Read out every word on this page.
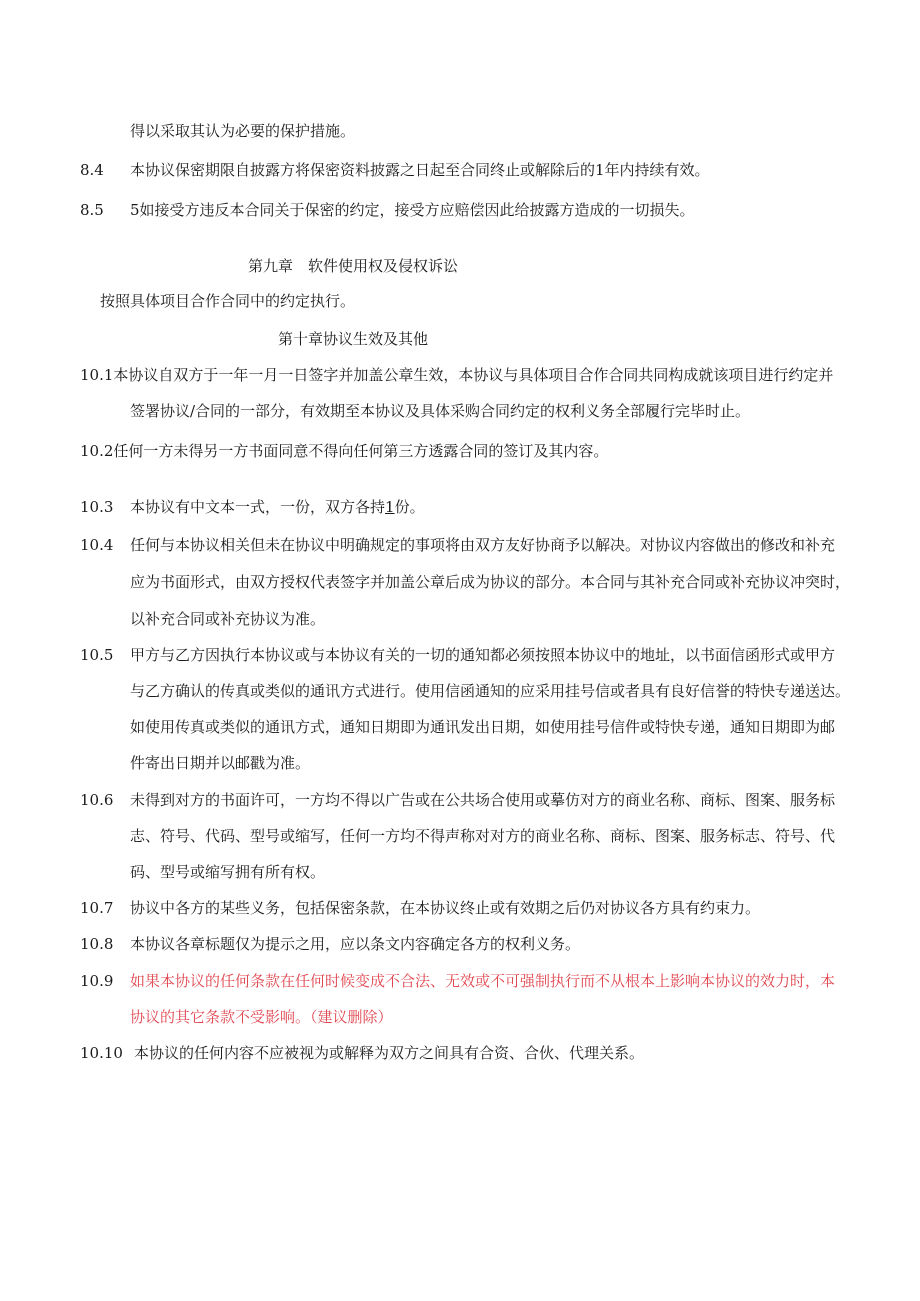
得以采取其认为必要的保护措施。
8.4 本协议保密期限自披露方将保密资料披露之日起至合同终止或解除后的1年内持续有效。
8.5 5如接受方违反本合同关于保密的约定，接受方应赔偿因此给披露方造成的一切损失。
第九章 软件使用权及侵权诉讼
按照具体项目合作合同中的约定执行。
第十章协议生效及其他
10.1本协议自双方于一年一月一日签字并加盖公章生效，本协议与具体项目合作合同共同构成就该项目进行约定并
签署协议/合同的一部分，有效期至本协议及具体采购合同约定的权利义务全部履行完毕时止。
10.2任何一方未得另一方书面同意不得向任何第三方透露合同的签订及其内容。
10.3 本协议有中文本一式，一份，双方各持1份。
10.4 任何与本协议相关但未在协议中明确规定的事项将由双方友好协商予以解决。对协议内容做出的修改和补充
应为书面形式，由双方授权代表签字并加盖公章后成为协议的部分。本合同与其补充合同或补充协议冲突时，
以补充合同或补充协议为准。
10.5 甲方与乙方因执行本协议或与本协议有关的一切的通知都必须按照本协议中的地址，以书面信函形式或甲方
与乙方确认的传真或类似的通讯方式进行。使用信函通知的应采用挂号信或者具有良好信誉的特快专递送达。
如使用传真或类似的通讯方式，通知日期即为通讯发出日期，如使用挂号信件或特快专递，通知日期即为邮
件寄出日期并以邮戳为准。
10.6 未得到对方的书面许可，一方均不得以广告或在公共场合使用或摹仿对方的商业名称、商标、图案、服务标
志、符号、代码、型号或缩写，任何一方均不得声称对对方的商业名称、商标、图案、服务标志、符号、代
码、型号或缩写拥有所有权。
10.7 协议中各方的某些义务，包括保密条款，在本协议终止或有效期之后仍对协议各方具有约束力。
10.8 本协议各章标题仅为提示之用，应以条文内容确定各方的权利义务。
10.9 如果本协议的任何条款在任何时候变成不合法、无效或不可强制执行而不从根本上影响本协议的效力时，本
协议的其它条款不受影响。（建议删除）
10.10 本协议的任何内容不应被视为或解释为双方之间具有合资、合伙、代理关系。
